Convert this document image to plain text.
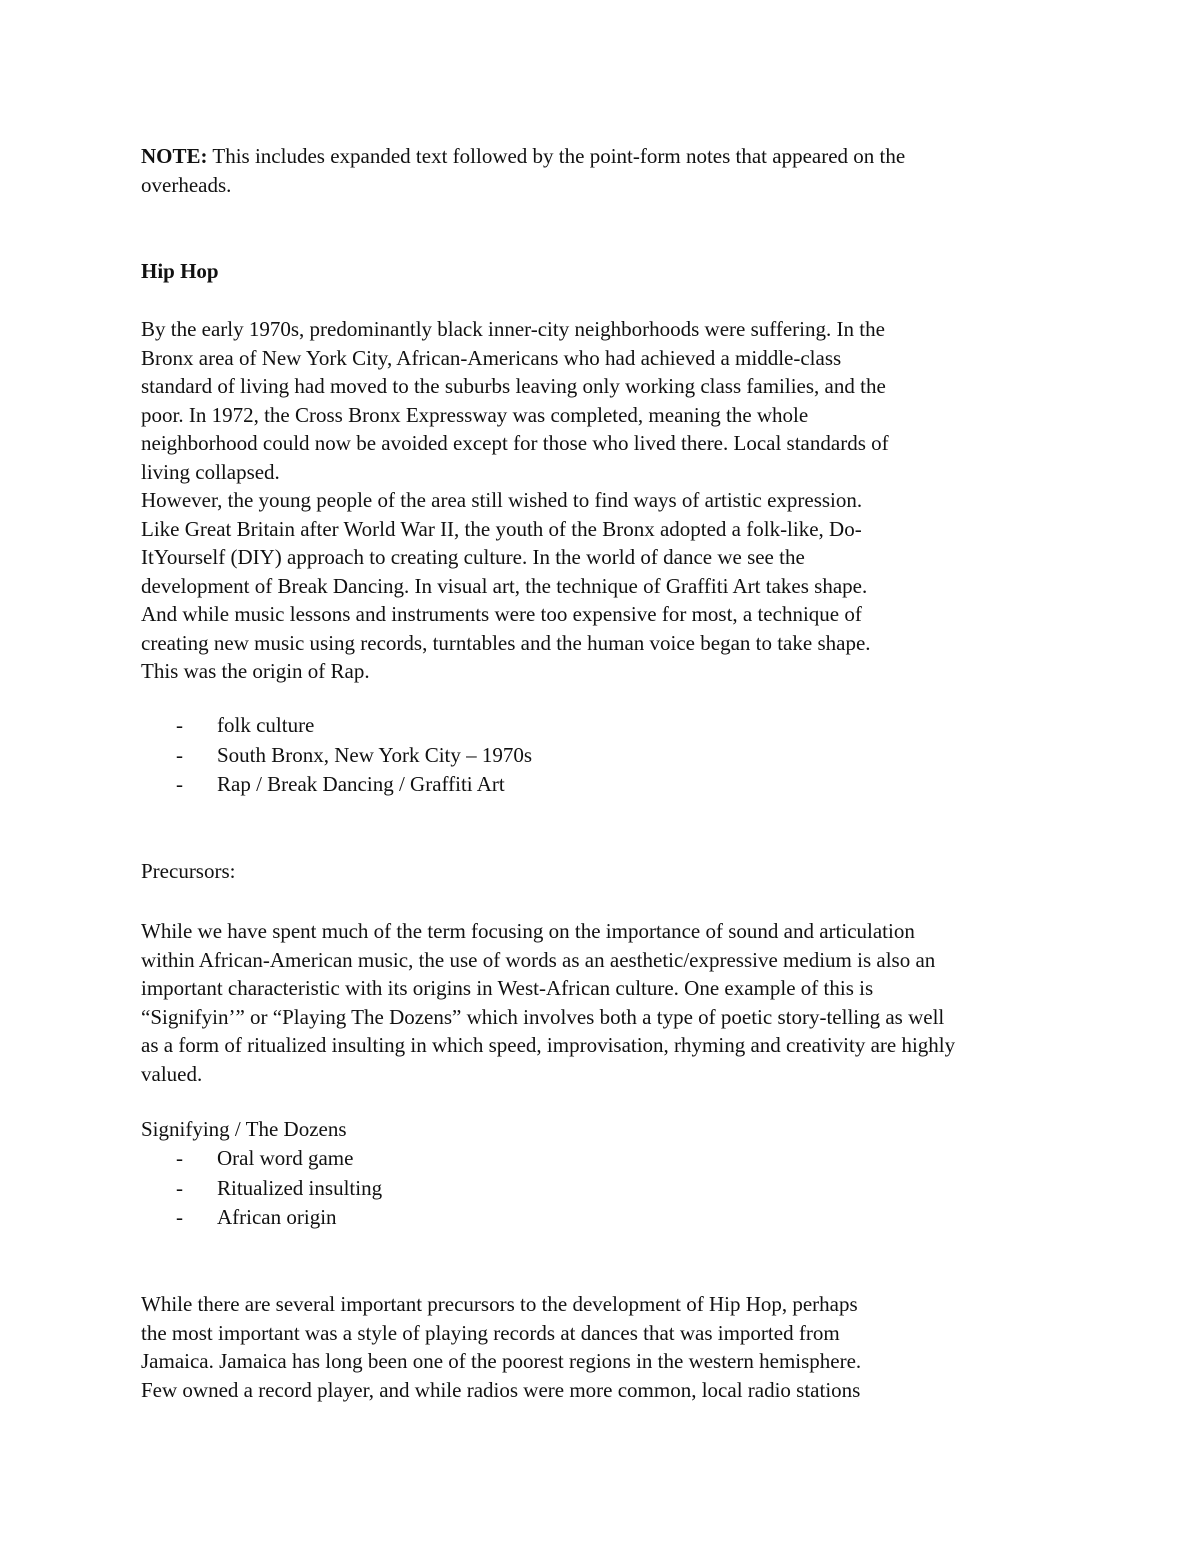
NOTE: This includes expanded text followed by the point-form notes that appeared on the
overheads.

Hip Hop

By the early 1970s, predominantly black inner-city neighborhoods were suffering. In the
Bronx area of New York City, African-Americans who had achieved a middle-class
standard of living had moved to the suburbs leaving only working class families, and the
poor. In 1972, the Cross Bronx Expressway was completed, meaning the whole
neighborhood could now be avoided except for those who lived there. Local standards of
living collapsed.
However, the young people of the area still wished to find ways of artistic expression.
Like Great Britain after World War II, the youth of the Bronx adopted a folk-like, Do-
ItYourself (DIY) approach to creating culture. In the world of dance we see the
development of Break Dancing. In visual art, the technique of Graffiti Art takes shape.
And while music lessons and instruments were too expensive for most, a technique of
creating new music using records, turntables and the human voice began to take shape.
This was the origin of Rap.

- folk culture
- South Bronx, New York City – 1970s
- Rap / Break Dancing / Graffiti Art

Precursors:

While we have spent much of the term focusing on the importance of sound and articulation
within African-American music, the use of words as an aesthetic/expressive medium is also an
important characteristic with its origins in West-African culture. One example of this is
“Signifyin’” or “Playing The Dozens” which involves both a type of poetic story-telling as well
as a form of ritualized insulting in which speed, improvisation, rhyming and creativity are highly
valued.

Signifying / The Dozens

- Oral word game
- Ritualized insulting
- African origin

While there are several important precursors to the development of Hip Hop, perhaps
the most important was a style of playing records at dances that was imported from
Jamaica. Jamaica has long been one of the poorest regions in the western hemisphere.
Few owned a record player, and while radios were more common, local radio stations
